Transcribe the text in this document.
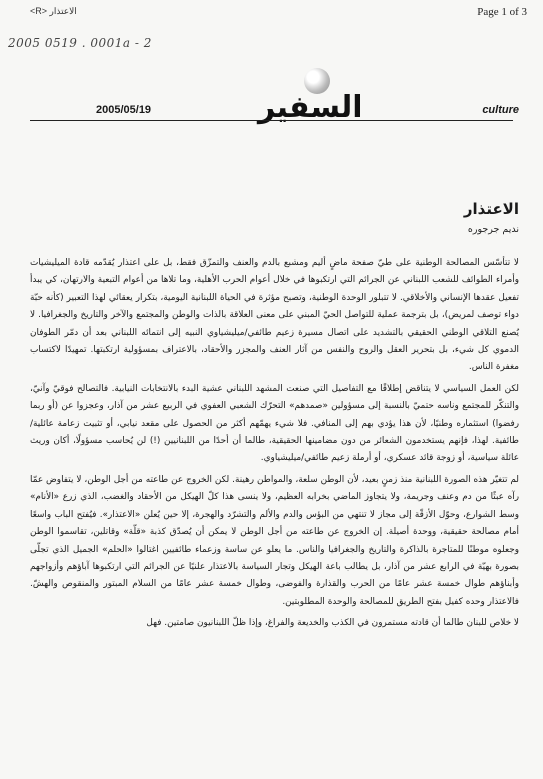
<R> الاعتذار	Page 1 of 3
2005 0519 . 0001a - 2
السفير
2005/05/19	culture
الاعتذار
نديم جرجوره

لا تتأسّس المصالحة الوطنية على طيّ صفحة ماضٍ أليم ومشبع بالدم والعنف والتمزّق فقط، بل على اعتذار يُقدّمه قادة الميليشيات وأمراء الطوائف للشعب اللبناني عن الجرائم التي ارتكبوها في خلال أعوام الحرب الأهلية، وما تلاها من أعوام التبعية والارتهان، كي يبدأ تفعيل عقدها الإنساني والأخلاقي. لا تتبلور الوحدة الوطنية، وتصبح مؤثرة في الحياة اللبنانية اليومية، بتكرار يعقائي لهذا التعبير (كأنه حبّة دواء توصف لمريض)، بل بترجمة عملية للتواصل الحيّ المبني على معنى العلاقة بالذات والوطن والمجتمع والآخر والتاريخ والجغرافيا. لا يُصنع التلاقي الوطني الحقيقي بالتشديد على اتصال مسيرة زعيم طائفي/ميليشياوي النبيه إلى انتمائه اللبناني بعد أن دمّر الطوفان الدموي كل شيء، بل بتحرير العقل والروح والنفس من آثار العنف والمجزر والأحقاد، بالاعتراف بمسؤولية ارتكبتها. تمهيدًا لاكتساب مغفرة الناس.

لكن العمل السياسي لا يتناقض إطلاقًا مع التفاصيل التي صنعت المشهد اللبناني عشية البدء بالانتخابات النيابية. فالتصالح فوقيّ وآنيّ، والتنكّر للمجتمع وناسه حتميّ بالنسبة إلى مسؤولين «صمدهم» التحرّك الشعبي العفوي في الربيع عشر من آذار، وعجزوا عن (أو ربما رفضوا) استثماره وطنيًا، لأن هذا يؤدي بهم إلى المنافي. فلا شيء يهمّهم أكثر من الحصول على مقعد نيابي، أو تثبيت زعامة عائلية/طائفية. لهذا، فإنهم يستخدمون الشعائر من دون مضامينها الحقيقية، طالما أن أحدًا من اللبنانيين (!) لن يُحاسب مسؤولًا، أكان وريث عائلة سياسية، أو زوجة قائد عسكري، أو أرملة زعيم طائفي/ميليشياوي.

لم تتغيّر هذه الصورة اللبنانية منذ زمنٍ بعيد، لأن الوطن سلعة، والمواطن رهينة. لكن الخروج عن طاعته من أجل الوطن، لا يتفاوض عمّا رآه عبثًا من دم وعنف وجريمة، ولا يتجاوز الماضي بخرابه العظيم، ولا ينسى هذا كلّ الهيكل من الأحقاد والغضب، الذي زرع «الأنام» وسط الشوارع، وحوّل الأزقّة إلى مجاز لا تنتهي من البؤس والدم والألم والتشرّد والهجرة، إلا حين يُعلن «الاعتذار». فيُفتح الباب واسعًا أمام مصالحة حقيقية، ووحدة أصيلة. إن الخروج عن طاعته من أجل الوطن لا يمكن أن يُصدّق كذبة «قلّة» وقاتلين، تقاسموا الوطن وجعلوه موطنًا للمتاجرة بالذاكرة والتاريخ والجغرافيا والناس. ما يعلو عن ساسة وزعماء طائفيين اغتالوا «الحلم» الجميل الذي تجلّى بصورة بهيّة في الرابع عشر من آذار، بل يطالب باعة الهيكل وتجار السياسة بالاعتذار علنيًا عن الجرائم التي ارتكبوها آباؤهم وأزواجهم وأبناؤهم طوال خمسة عشر عامًا من الحرب والقذارة والفوضى، وطوال خمسة عشر عامًا من السلام المبتور والمنقوص والهشّ. فالاعتذار وحده كفيل بفتح الطريق للمصالحة والوحدة المطلوبتين.

لا خلاص للبنان طالما أن قادته مستمرون في الكذب والخديعة والفراغ، وإذا ظلّ اللبنانيون صامتين. فهل
